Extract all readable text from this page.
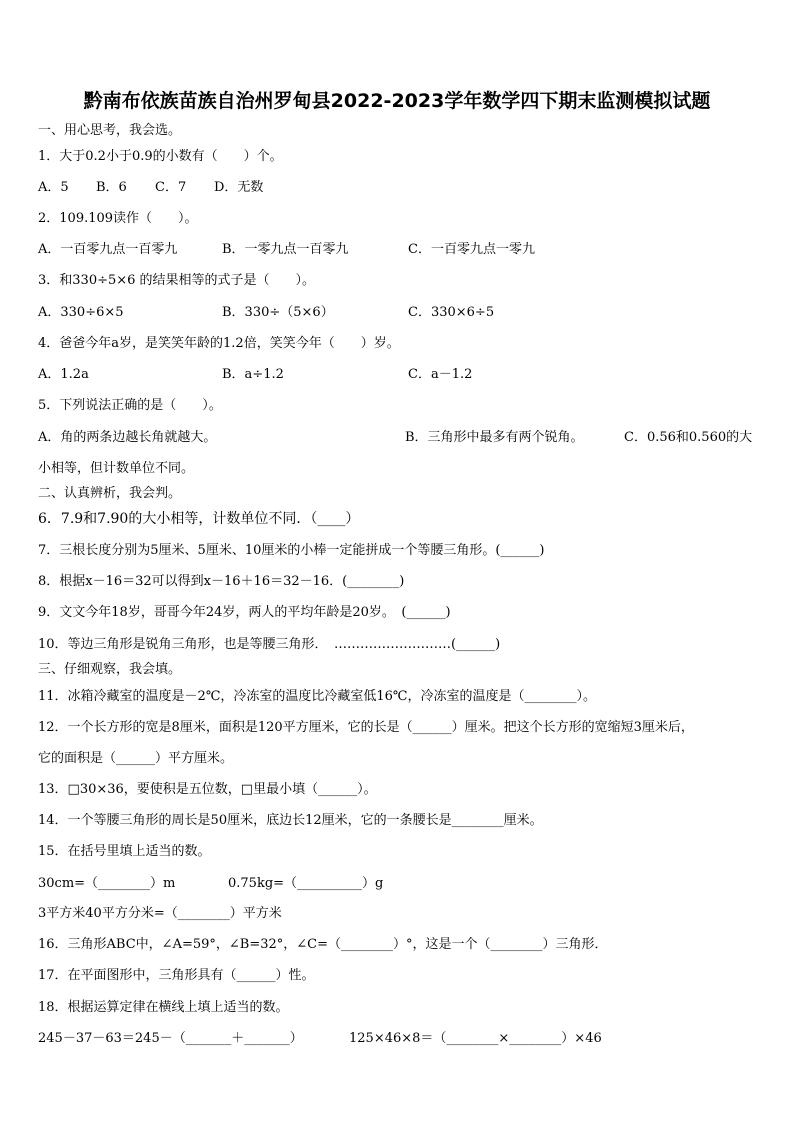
黔南布依族苗族自治州罗甸县2022-2023学年数学四下期末监测模拟试题
一、用心思考，我会选。
1．大于0.2小于0.9的小数有（　　）个。
A．5 B．6 C．7 D．无数
2．109.109读作（　　）。
A．一百零九点一百零九	B．一零九点一百零九	C．一百零九点一零九
3．和330÷5×6 的结果相等的式子是（　　）。
A．330÷6×5	B．330÷（5×6）	C．330×6÷5
4．爸爸今年a岁，是笑笑年龄的1.2倍，笑笑今年（　　）岁。
A．1.2a	B．a÷1.2	C．a－1.2
5．下列说法正确的是（　　）。
A．角的两条边越长角就越大。	B．三角形中最多有两个锐角。	C．0.56和0.560的大
小相等，但计数单位不同。
二、认真辨析，我会判。
6．7.9和7.90的大小相等，计数单位不同．（____）
7．三根长度分别为5厘米、5厘米、10厘米的小棒一定能拼成一个等腰三角形。(______)
8．根据x－16＝32可以得到x－16＋16＝32－16．(________)
9．文文今年18岁，哥哥今年24岁，两人的平均年龄是20岁。　(______)
10．等边三角形是锐角三角形，也是等腰三角形．　………………………(______)
三、仔细观察，我会填。
11．冰箱冷藏室的温度是－2℃，冷冻室的温度比冷藏室低16℃，冷冻室的温度是（________）。
12．一个长方形的宽是8厘米，面积是120平方厘米，它的长是（______）厘米。把这个长方形的宽缩短3厘米后，
它的面积是（______）平方厘米。
13．□30×36，要使积是五位数，□里最小填（______）。
14．一个等腰三角形的周长是50厘米，底边长12厘米，它的一条腰长是________厘米。
15．在括号里填上适当的数。
30cm=（________）m	0.75kg=（__________）g
3平方米40平方分米=（________）平方米
16．三角形ABC中，∠A=59°，∠B=32°，∠C=（________）°，这是一个（________）三角形．
17．在平面图形中，三角形具有（______）性。
18．根据运算定律在横线上填上适当的数。
245－37－63＝245－（_______＋_______）	125×46×8＝（________×________）×46
